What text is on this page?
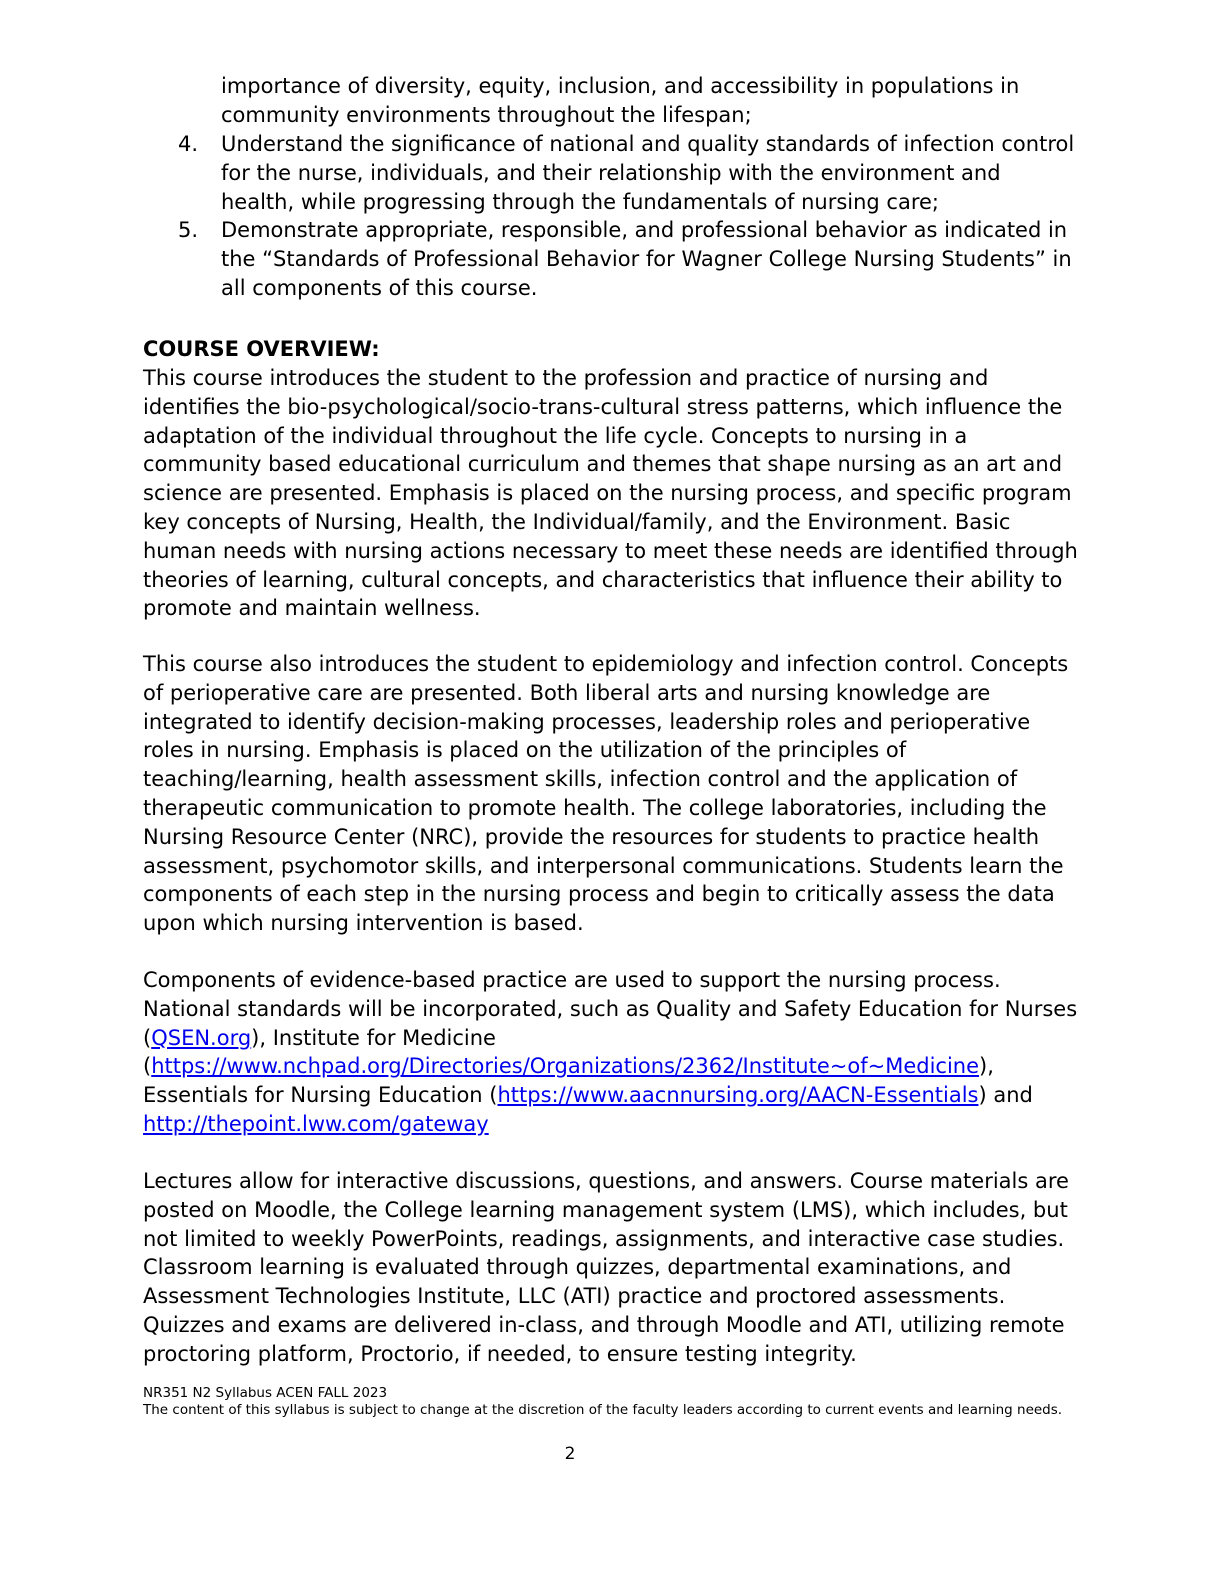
importance of diversity, equity, inclusion, and accessibility in populations in community environments throughout the lifespan;
4. Understand the significance of national and quality standards of infection control for the nurse, individuals, and their relationship with the environment and health, while progressing through the fundamentals of nursing care;
5. Demonstrate appropriate, responsible, and professional behavior as indicated in the “Standards of Professional Behavior for Wagner College Nursing Students” in all components of this course.
COURSE OVERVIEW:

This course introduces the student to the profession and practice of nursing and identifies the bio-psychological/socio-trans-cultural stress patterns, which influence the adaptation of the individual throughout the life cycle. Concepts to nursing in a community based educational curriculum and themes that shape nursing as an art and science are presented. Emphasis is placed on the nursing process, and specific program key concepts of Nursing, Health, the Individual/family, and the Environment. Basic human needs with nursing actions necessary to meet these needs are identified through theories of learning, cultural concepts, and characteristics that influence their ability to promote and maintain wellness.

This course also introduces the student to epidemiology and infection control. Concepts of perioperative care are presented. Both liberal arts and nursing knowledge are integrated to identify decision-making processes, leadership roles and perioperative roles in nursing. Emphasis is placed on the utilization of the principles of teaching/learning, health assessment skills, infection control and the application of therapeutic communication to promote health. The college laboratories, including the Nursing Resource Center (NRC), provide the resources for students to practice health assessment, psychomotor skills, and interpersonal communications. Students learn the components of each step in the nursing process and begin to critically assess the data upon which nursing intervention is based.

Components of evidence-based practice are used to support the nursing process. National standards will be incorporated, such as Quality and Safety Education for Nurses (QSEN.org), Institute for Medicine (https://www.nchpad.org/Directories/Organizations/2362/Institute~of~Medicine), Essentials for Nursing Education (https://www.aacnnursing.org/AACN-Essentials) and http://thepoint.lww.com/gateway

Lectures allow for interactive discussions, questions, and answers. Course materials are posted on Moodle, the College learning management system (LMS), which includes, but not limited to weekly PowerPoints, readings, assignments, and interactive case studies. Classroom learning is evaluated through quizzes, departmental examinations, and Assessment Technologies Institute, LLC (ATI) practice and proctored assessments. Quizzes and exams are delivered in-class, and through Moodle and ATI, utilizing remote proctoring platform, Proctorio, if needed, to ensure testing integrity.

NR351 N2 Syllabus ACEN FALL 2023
The content of this syllabus is subject to change at the discretion of the faculty leaders according to current events and learning needs.
2
